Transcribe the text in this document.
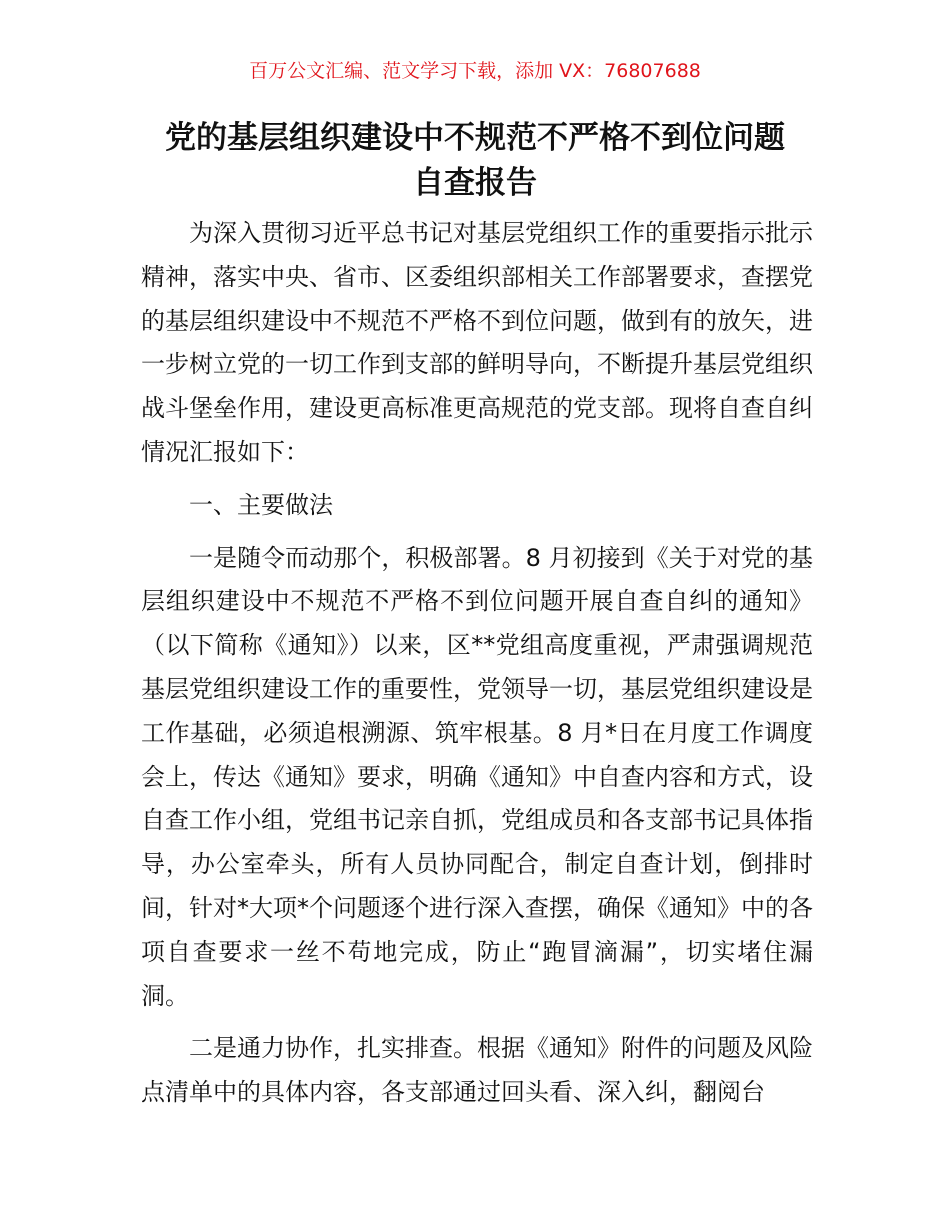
百万公文汇编、范文学习下载，添加 VX：76807688
党的基层组织建设中不规范不严格不到位问题
自查报告

为深入贯彻习近平总书记对基层党组织工作的重要指示批示精神，落实中央、省市、区委组织部相关工作部署要求，查摆党的基层组织建设中不规范不严格不到位问题，做到有的放矢，进一步树立党的一切工作到支部的鲜明导向，不断提升基层党组织战斗堡垒作用，建设更高标准更高规范的党支部。现将自查自纠情况汇报如下：

一、主要做法

一是随令而动那个，积极部署。8 月初接到《关于对党的基层组织建设中不规范不严格不到位问题开展自查自纠的通知》（以下简称《通知》）以来，区**党组高度重视，严肃强调规范基层党组织建设工作的重要性，党领导一切，基层党组织建设是工作基础，必须追根溯源、筑牢根基。8 月*日在月度工作调度会上，传达《通知》要求，明确《通知》中自查内容和方式，设自查工作小组，党组书记亲自抓，党组成员和各支部书记具体指导，办公室牵头，所有人员协同配合，制定自查计划，倒排时间，针对*大项*个问题逐个进行深入查摆，确保《通知》中的各项自查要求一丝不苟地完成，防止“跑冒滴漏”，切实堵住漏洞。

二是通力协作，扎实排查。根据《通知》附件的问题及风险点清单中的具体内容，各支部通过回头看、深入纠，翻阅台
